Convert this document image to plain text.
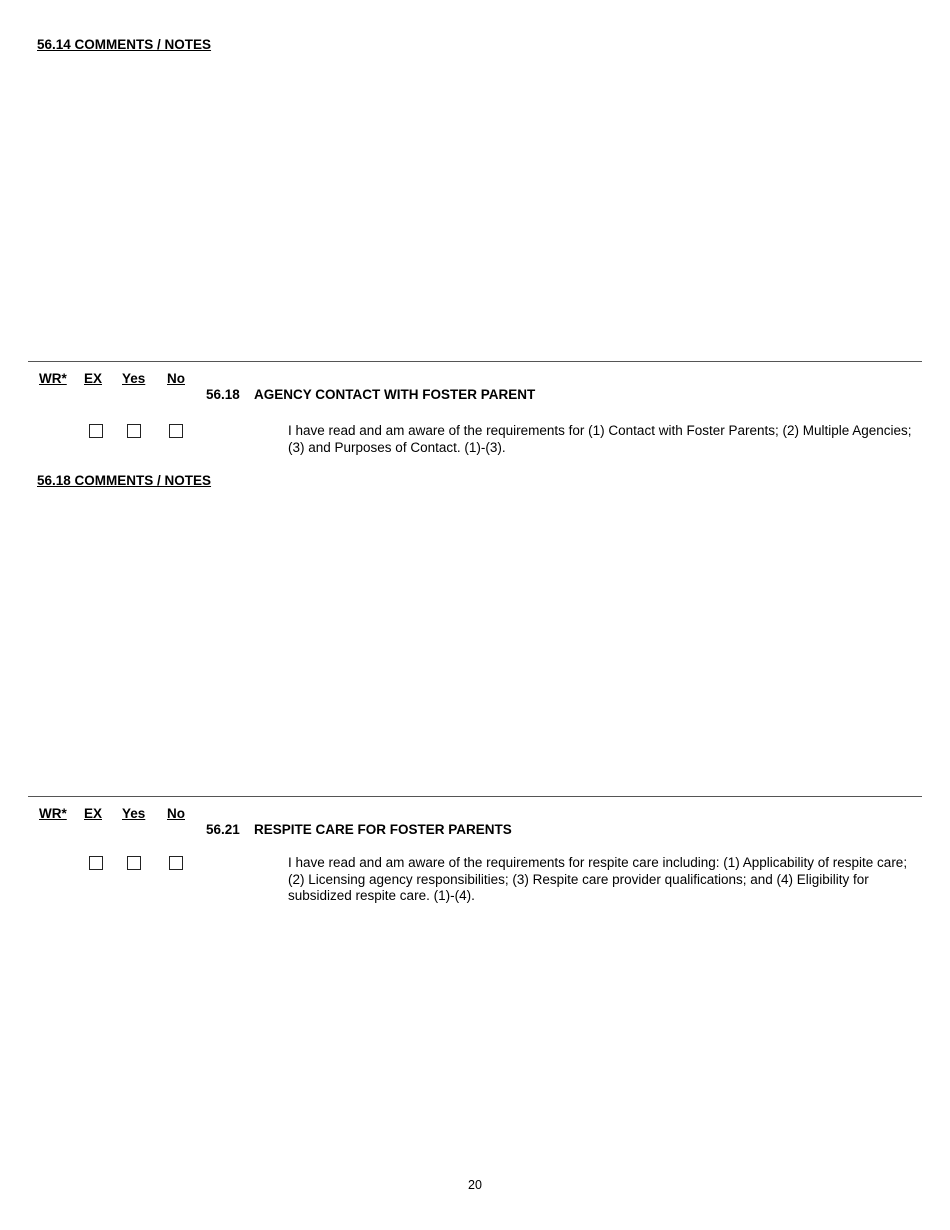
56.14 COMMENTS / NOTES
WR* EX Yes No
56.18 AGENCY CONTACT WITH FOSTER PARENT
I have read and am aware of the requirements for (1) Contact with Foster Parents; (2) Multiple Agencies; (3) and Purposes of Contact. (1)-(3).
56.18 COMMENTS / NOTES
WR* EX Yes No
56.21 RESPITE CARE FOR FOSTER PARENTS
I have read and am aware of the requirements for respite care including: (1) Applicability of respite care; (2) Licensing agency responsibilities; (3) Respite care provider qualifications; and (4) Eligibility for subsidized respite care. (1)-(4).
20
